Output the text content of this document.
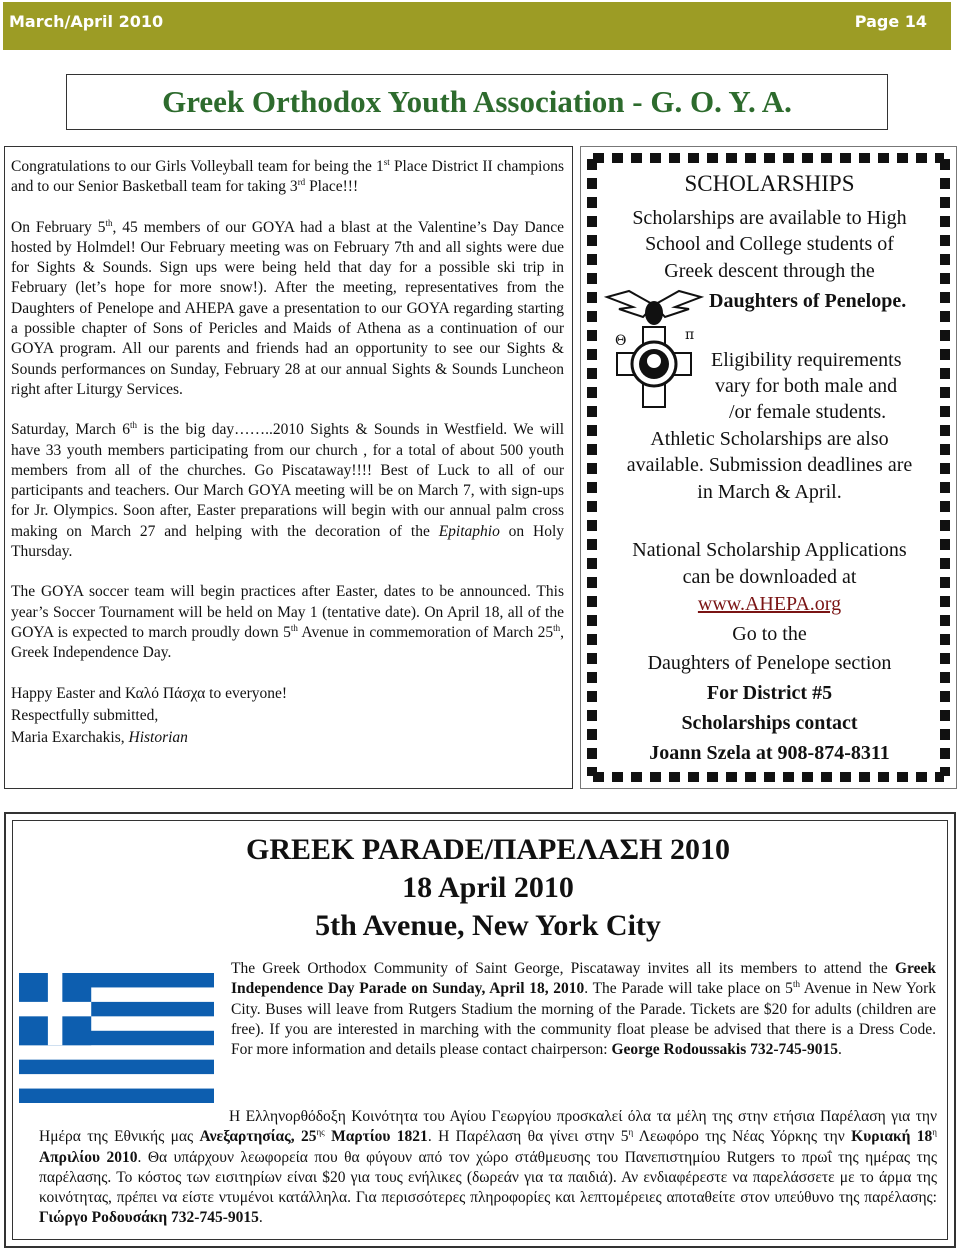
March/April 2010	Page 14
Greek Orthodox Youth Association - G. O. Y. A.

Congratulations to our Girls Volleyball team for being the 1st Place District II champions and to our Senior Basketball team for taking 3rd Place!!!

On February 5th, 45 members of our GOYA had a blast at the Valentine’s Day Dance hosted by Holmdel! Our February meeting was on February 7th and all sights were due for Sights & Sounds. Sign ups were being held that day for a possible ski trip in February (let’s hope for more snow!). After the meeting, representatives from the Daughters of Penelope and AHEPA gave a presentation to our GOYA regarding starting a possible chapter of Sons of Pericles and Maids of Athena as a continuation of our GOYA program. All our parents and friends had an opportunity to see our Sights & Sounds performances on Sunday, February 28 at our annual Sights & Sounds Luncheon right after Liturgy Services.

Saturday, March 6th is the big day……..2010 Sights & Sounds in Westfield. We will have 33 youth members participating from our church , for a total of about 500 youth members from all of the churches. Go Piscataway!!!! Best of Luck to all of our participants and teachers. Our March GOYA meeting will be on March 7, with sign-ups for Jr. Olympics. Soon after, Easter preparations will begin with our annual palm cross making on March 27 and helping with the decoration of the Epitaphio on Holy Thursday.

The GOYA soccer team will begin practices after Easter, dates to be announced. This year’s Soccer Tournament will be held on May 1 (tentative date). On April 18, all of the GOYA is expected to march proudly down 5th Avenue in commemoration of March 25th, Greek Independence Day.

Happy Easter and Καλό Πάσχα to everyone!

Respectfully submitted,

Maria Exarchakis, Historian

SCHOLARSHIPS
Scholarships are available to High
School and College students of
Greek descent through the
Daughters of Penelope.
Θ	π
Eligibility requirements
vary for both male and
/or female students.
Athletic Scholarships are also
available. Submission deadlines are
in March & April.
National Scholarship Applications
can be downloaded at
www.AHEPA.org
Go to the
Daughters of Penelope section
For District #5
Scholarships contact
Joann Szela at 908-874-8311
GREEK PARADE/ΠΑΡΕΛΑΣΗ 2010
18 April 2010
5th Avenue, New York City
The Greek Orthodox Community of Saint George, Piscataway invites all its members to attend the Greek Independence Day Parade on Sunday, April 18, 2010. The Parade will take place on 5th Avenue in New York City. Buses will leave from Rutgers Stadium the morning of the Parade. Tickets are $20 for adults (children are free). If you are interested in marching with the community float please be advised that there is a Dress Code. For more information and details please contact chairperson: George Rodoussakis 732-745-9015.
Η Ελληνορθόδοξη Κοινότητα του Αγίου Γεωργίου προσκαλεί όλα τα μέλη της στην ετήσια Παρέλαση για την Ημέρα της Εθνικής μας Ανεξαρτησίας, $25^{\eta\varsigma}$ Μαρτίου 1821. Η Παρέλαση θα γίνει στην $5^\eta$ Λεωφόρο της Νέας Υόρκης την Κυριακή $18^\eta$ Απριλίου 2010. Θα υπάρχουν λεωφορεία που θα φύγουν από τον χώρο στάθμευσης του Πανεπιστημίου Rutgers το πρωΐ της ημέρας της παρέλασης. Το κόστος των εισιτηρίων είναι $20 για τους ενήλικες (δωρεάν για τα παιδιά). Αν ενδιαφέρεστε να παρελάσσετε με το άρμα της κοινότητας, πρέπει να είστε ντυμένοι κατάλληλα. Για περισσότερες πληροφορίες και λεπτομέρειες αποταθείτε στον υπεύθυνο της παρέλασης: Γιώργο Ροδουσάκη 732-745-9015.
